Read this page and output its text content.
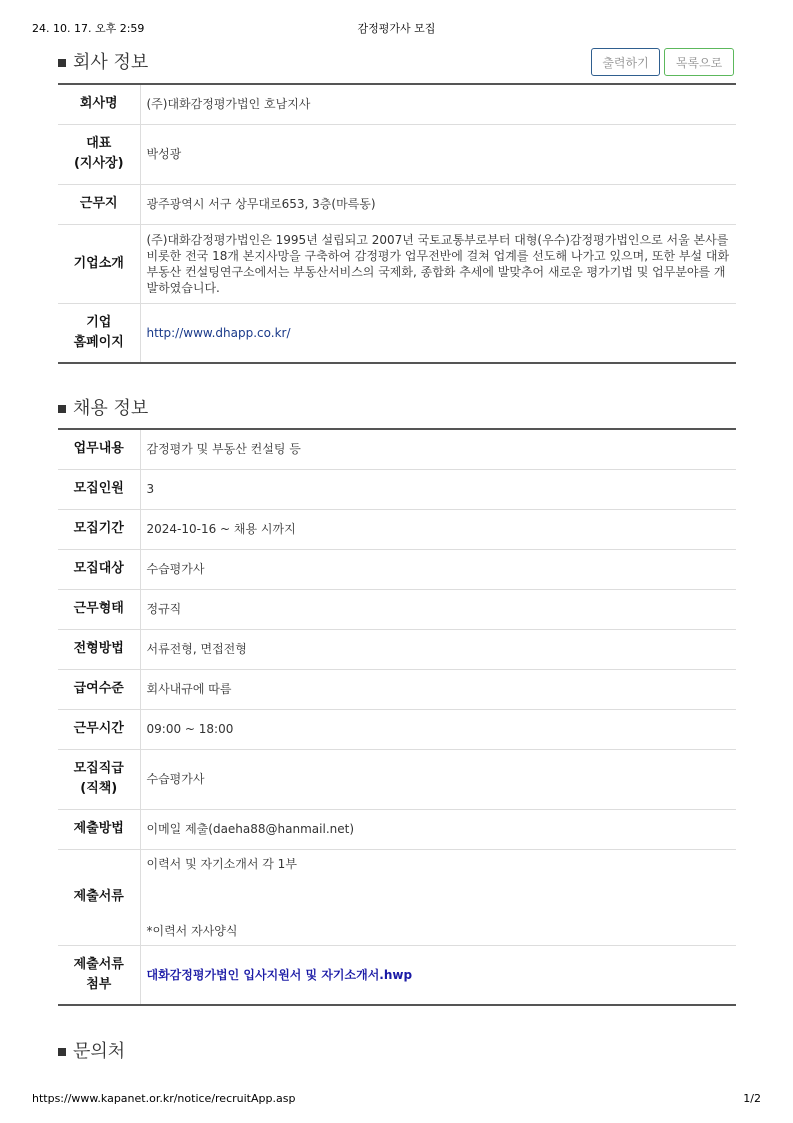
24. 10. 17. 오후 2:59	감정평가사 모집
회사 정보	출력하기	목록으로
회사명	(주)대화감정평가법인 호남지사

대표
(지사장)	박성광
근무지	광주광역시 서구 상무대로653, 3층(마륵동)
기업소개	(주)대화감정평가법인은 1995년 설립되고 2007년 국토교통부로부터 대형(우수)감정평가법인으로 서울 본사를 비롯한 전국 18개 본지사망을 구축하여 감정평가 업무전반에 걸쳐 업계를 선도해 나가고 있으며, 또한 부설 대화부동산 컨설팅연구소에서는 부동산서비스의 국제화, 종합화 추세에 발맞추어 새로운 평가기법 및 업무분야를 개발하였습니다.

기업
홈페이지	http://www.dhapp.co.kr/
채용 정보
업무내용	감정평가 및 부동산 컨설팅 등
모집인원	3
모집기간	2024-10-16 ~ 채용 시까지
모집대상	수습평가사
근무형태	정규직
전형방법	서류전형, 면접전형
급여수준	회사내규에 따름
근무시간	09:00 ~ 18:00

모집직급
(직책)	수습평가사
제출방법	이메일 제출(daeha88@hanmail.net)
제출서류	이력서 및 자기소개서 각 1부
*이력서 자사양식

제출서류
첨부	대화감정평가법인 입사지원서 및 자기소개서.hwp
문의처
https://www.kapanet.or.kr/notice/recruitApp.asp	1/2
